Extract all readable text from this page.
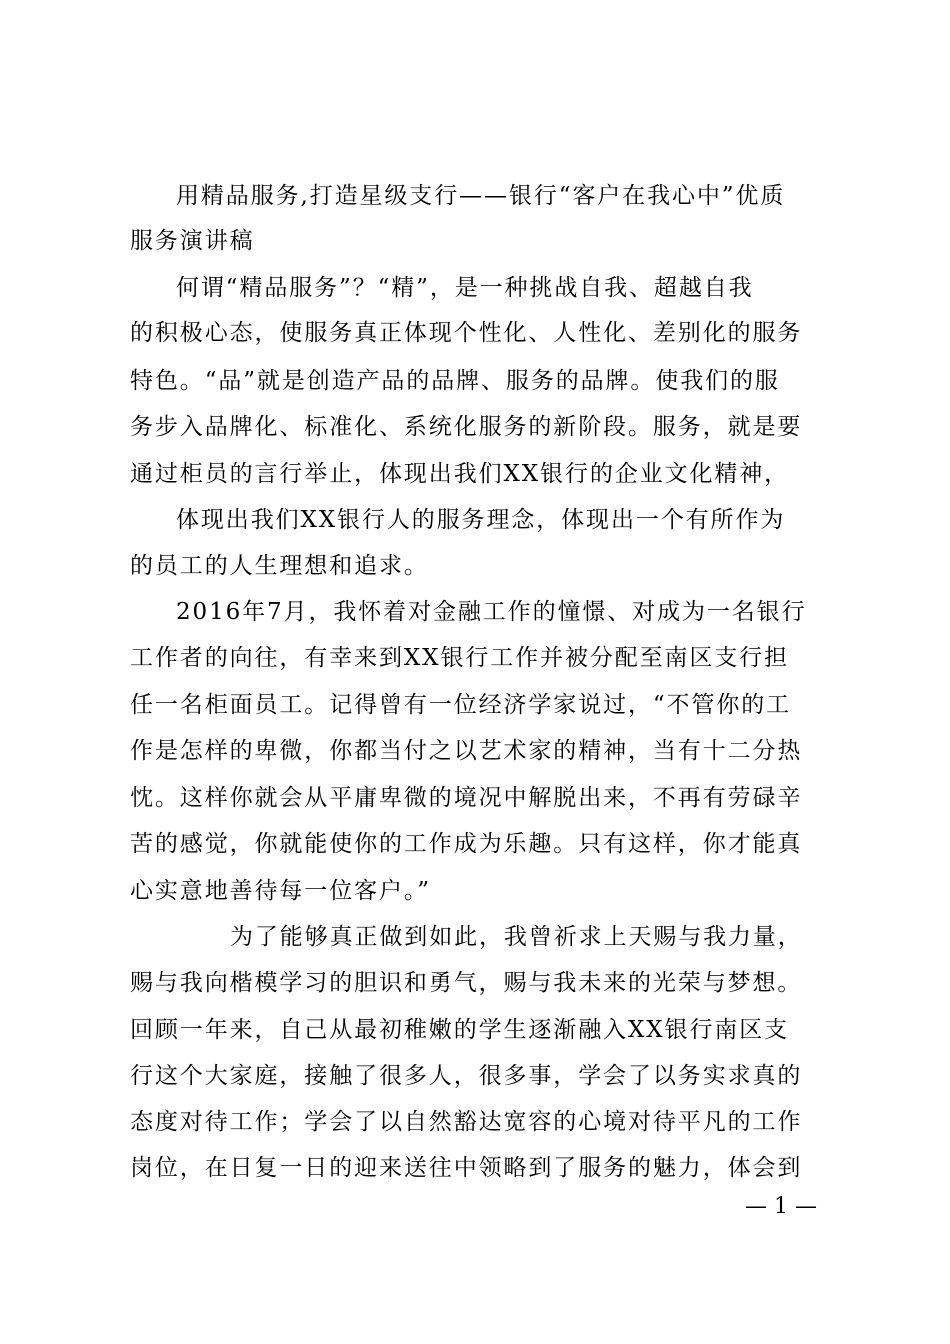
用精品服务,打造星级支行——银行“客户在我心中”优质
服务演讲稿
何谓“精品服务”？“精”，是一种挑战自我、超越自我
的积极心态，使服务真正体现个性化、人性化、差别化的服务
特色。“品”就是创造产品的品牌、服务的品牌。使我们的服
务步入品牌化、标准化、系统化服务的新阶段。服务，就是要
通过柜员的言行举止，体现出我们XX银行的企业文化精神，
体现出我们XX银行人的服务理念，体现出一个有所作为
的员工的人生理想和追求。
2016年7月，我怀着对金融工作的憧憬、对成为一名银行
工作者的向往，有幸来到XX银行工作并被分配至南区支行担
任一名柜面员工。记得曾有一位经济学家说过，“不管你的工
作是怎样的卑微，你都当付之以艺术家的精神，当有十二分热
忱。这样你就会从平庸卑微的境况中解脱出来，不再有劳碌辛
苦的感觉，你就能使你的工作成为乐趣。只有这样，你才能真
心实意地善待每一位客户。”
为了能够真正做到如此，我曾祈求上天赐与我力量，
赐与我向楷模学习的胆识和勇气，赐与我未来的光荣与梦想。
回顾一年来，自己从最初稚嫩的学生逐渐融入XX银行南区支
行这个大家庭，接触了很多人，很多事，学会了以务实求真的
态度对待工作；学会了以自然豁达宽容的心境对待平凡的工作
岗位，在日复一日的迎来送往中领略到了服务的魅力，体会到
— 1 —
